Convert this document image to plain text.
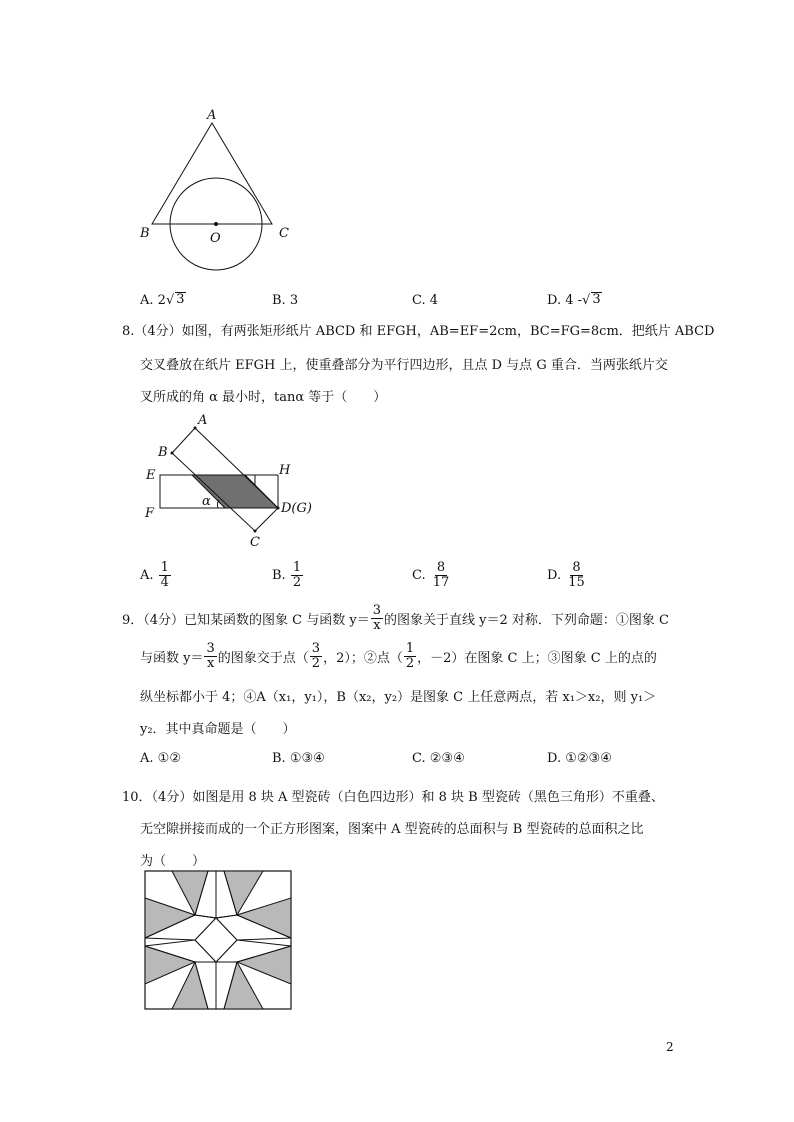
A
B	C
O
A.
2 √ 3	B.
3	C.
4	D.
4 - √ 3
8.（4分）如图，有两张矩形纸片 ABCD 和 EFGH，AB=EF=2cm，BC=FG=8cm．把纸片 ABCD
交叉叠放在纸片 EFGH 上，使重叠部分为平行四边形，且点 D 与点 G 重合．当两张纸片交
叉所成的角 α 最小时，tanα 等于（　　）
A
B
E
F
H
D(G)
C
α
A.
$\frac{1}{4}$	B.
$\frac{1}{2}$	C.
$\frac{8}{17}$	D.
$\frac{8}{15}$
9．（4分）已知某函数的图象 C 与函数 $y= \frac{3}{x}$ 的图象关于直线 y＝2 对称．下列命题：①图象 C
与函数 $y= \frac{3}{x}$ 的图象交于点（ $\frac{3}{2}$ ，2）；②点（ $\frac{1}{2}$ ，－2）在图象 C 上；③图象 C 上的点的
纵坐标都小于 4；④A（x₁，y₁），B（x₂，y₂）是图象 C 上任意两点，若 x₁＞x₂，则 y₁＞
y₂．其中真命题是（　　）
A.
①②	B.
①③④	C.
②③④	D.
①②③④
10．（4分）如图是用 8 块 A 型瓷砖（白色四边形）和 8 块 B 型瓷砖（黑色三角形）不重叠、
无空隙拼接而成的一个正方形图案，图案中 A 型瓷砖的总面积与 B 型瓷砖的总面积之比
为（　　）
2
